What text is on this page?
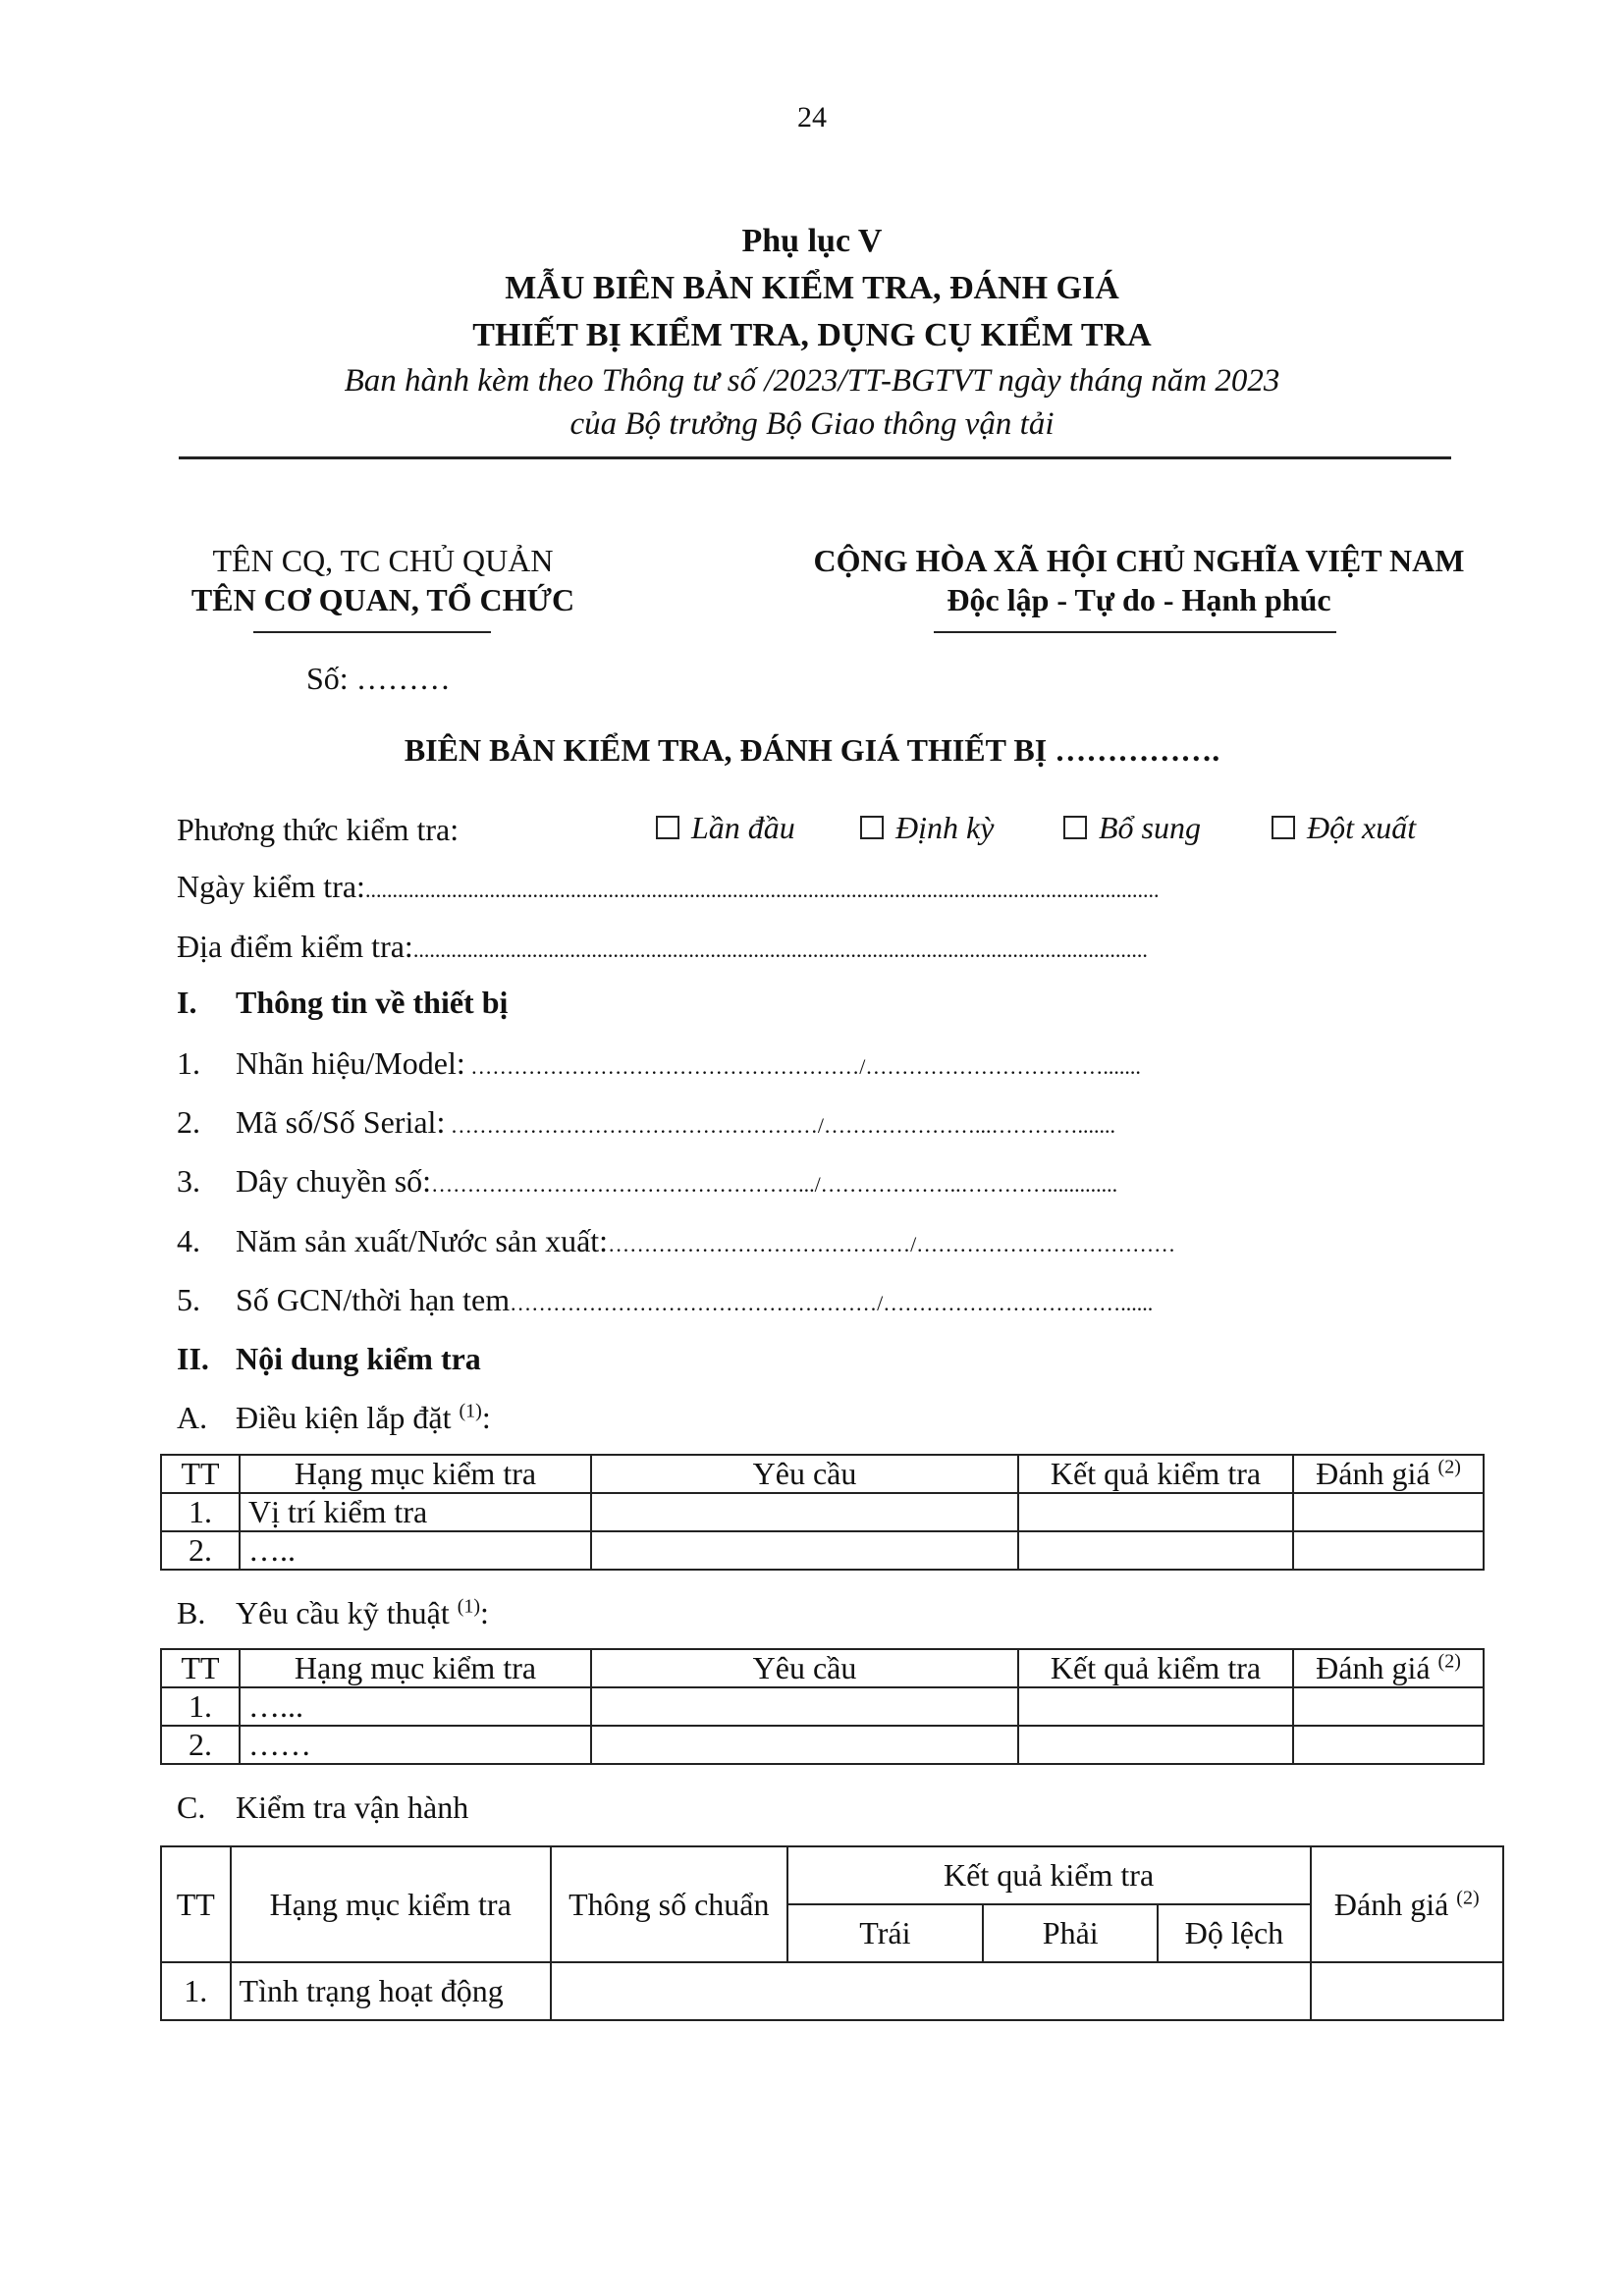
24
Phụ lục V
MẪU BIÊN BẢN KIỂM TRA, ĐÁNH GIÁ
THIẾT BỊ KIỂM TRA, DỤNG CỤ KIỂM TRA
Ban hành kèm theo Thông tư số /2023/TT-BGTVT ngày tháng năm 2023
của Bộ trưởng Bộ Giao thông vận tải
TÊN CQ, TC CHỦ QUẢN
TÊN CƠ QUAN, TỔ CHỨC
CỘNG HÒA XÃ HỘI CHỦ NGHĨA VIỆT NAM
Độc lập - Tự do - Hạnh phúc
Số: ………
BIÊN BẢN KIỂM TRA, ĐÁNH GIÁ THIẾT BỊ …………….
Phương thức kiểm tra:	Lần đầu	Định kỳ	Bổ sung	Đột xuất
Ngày kiểm tra:...................................................................................................................................................
Địa điểm kiểm tra:........................................................................................................................................
I. Thông tin về thiết bị
1. Nhãn hiệu/Model: ………………………………………………/…………………………….......
2. Mã số/Số Serial: ……………………………………………/…………………...………….......
3. Dây chuyền số:…………………………………………….../………………..………….............
4. Năm sản xuất/Nước sản xuất:……………………………………/………………………………
5. Số GCN/thời hạn tem……………………………………………/……………………………......
II. Nội dung kiểm tra
A. Điều kiện lắp đặt $^{(1)}$:
TT	Hạng mục kiểm tra	Yêu cầu	Kết quả kiểm tra	Đánh giá $^{(2)}$
1.	Vị trí kiểm tra			
2.	…..			
B. Yêu cầu kỹ thuật $^{(1)}$:
TT	Hạng mục kiểm tra	Yêu cầu	Kết quả kiểm tra	Đánh giá $^{(2)}$
1.	…...			
2.	……			
C. Kiểm tra vận hành
TT	Hạng mục kiểm tra	Thông số chuẩn	Kết quả kiểm tra			Đánh giá $^{(2)}$
			Trái	Phải	Độ lệch	
1.	Tình trạng hoạt động					
